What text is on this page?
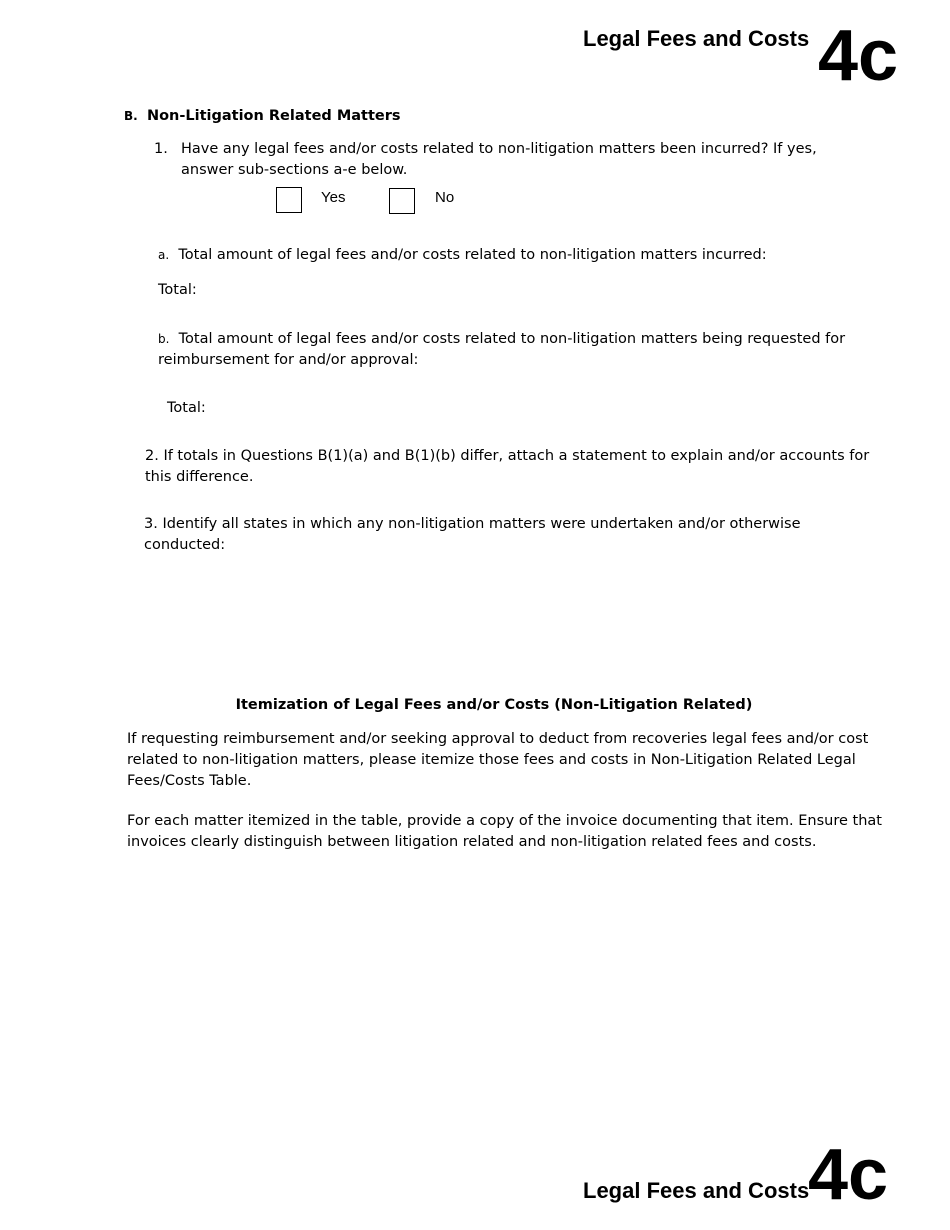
Legal Fees and Costs 4c
B. Non-Litigation Related Matters
1. Have any legal fees and/or costs related to non-litigation matters been incurred? If yes,
answer sub-sections a-e below.
Yes	No
a. Total amount of legal fees and/or costs related to non-litigation matters incurred:
Total:
b. Total amount of legal fees and/or costs related to non-litigation matters being requested for
reimbursement for and/or approval:
Total:
2. If totals in Questions B(1)(a) and B(1)(b) differ, attach a statement to explain and/or accounts for
this difference.
3. Identify all states in which any non-litigation matters were undertaken and/or otherwise
conducted:
Itemization of Legal Fees and/or Costs (Non-Litigation Related)
If requesting reimbursement and/or seeking approval to deduct from recoveries legal fees and/or cost
related to non-litigation matters, please itemize those fees and costs in Non-Litigation Related Legal
Fees/Costs Table.
For each matter itemized in the table, provide a copy of the invoice documenting that item. Ensure that
invoices clearly distinguish between litigation related and non-litigation related fees and costs.
Legal Fees and Costs
4c
